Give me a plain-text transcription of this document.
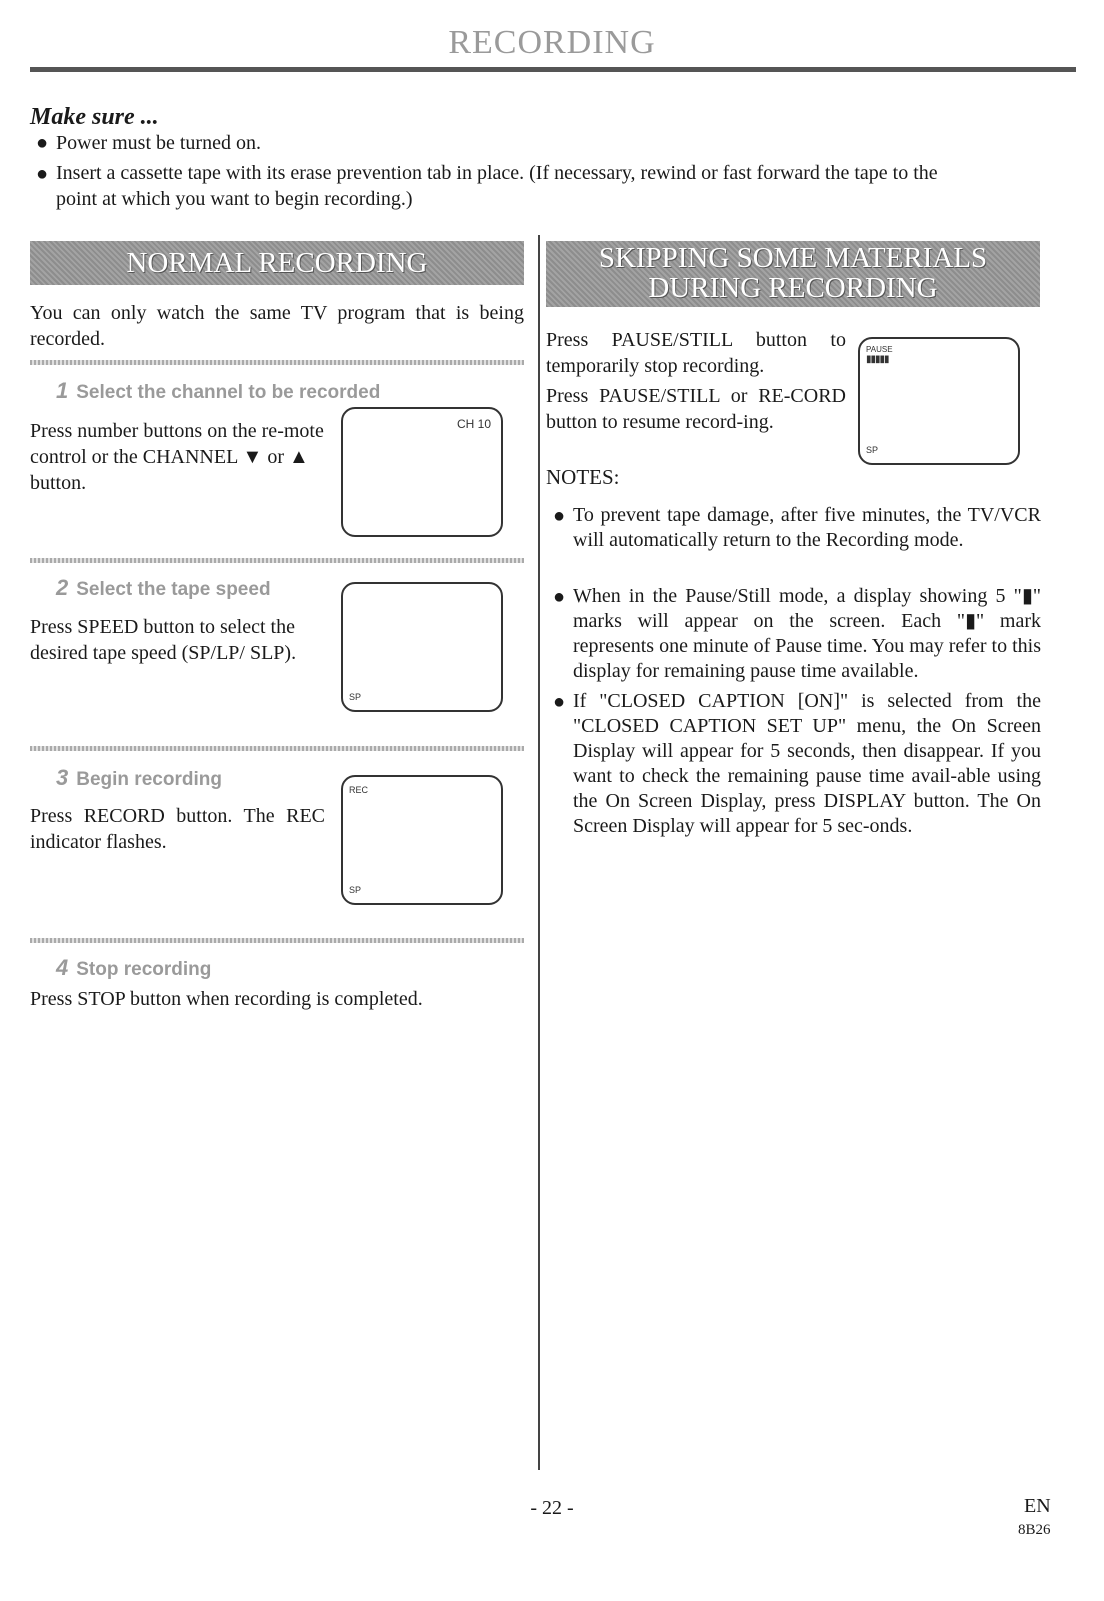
RECORDING
Make sure ...
● Power must be turned on.
● Insert a cassette tape with its erase prevention tab in place. (If necessary, rewind or fast forward the tape to the
point at which you want to begin recording.)
NORMAL RECORDING
You can only watch the same TV program that is being recorded.
1 Select the channel to be recorded
Press number buttons on the re-mote control or the CHANNEL ▼ or ▲ button.
CH 10
2 Select the tape speed
Press SPEED button to select the desired tape speed (SP/LP/ SLP).
SP
3 Begin recording
Press RECORD button. The REC indicator flashes.
REC
SP
4 Stop recording
Press STOP button when recording is completed.
SKIPPING SOME MATERIALS
DURING RECORDING
Press PAUSE/STILL button to temporarily stop recording.
Press PAUSE/STILL or RE-CORD button to resume record-ing.
PAUSE
▮▮▮▮▮
SP
NOTES:
● To prevent tape damage, after five minutes, the TV/VCR will automatically return to the Recording mode.
● When in the Pause/Still mode, a display showing 5 "▮" marks will appear on the screen. Each "▮" mark represents one minute of Pause time. You may refer to this display for remaining pause time available.
● If "CLOSED CAPTION [ON]" is selected from the "CLOSED CAPTION SET UP" menu, the On Screen Display will appear for 5 seconds, then disappear. If you want to check the remaining pause time avail-able using the On Screen Display, press DISPLAY button. The On Screen Display will appear for 5 sec-onds.
- 22 -	EN
8B26
